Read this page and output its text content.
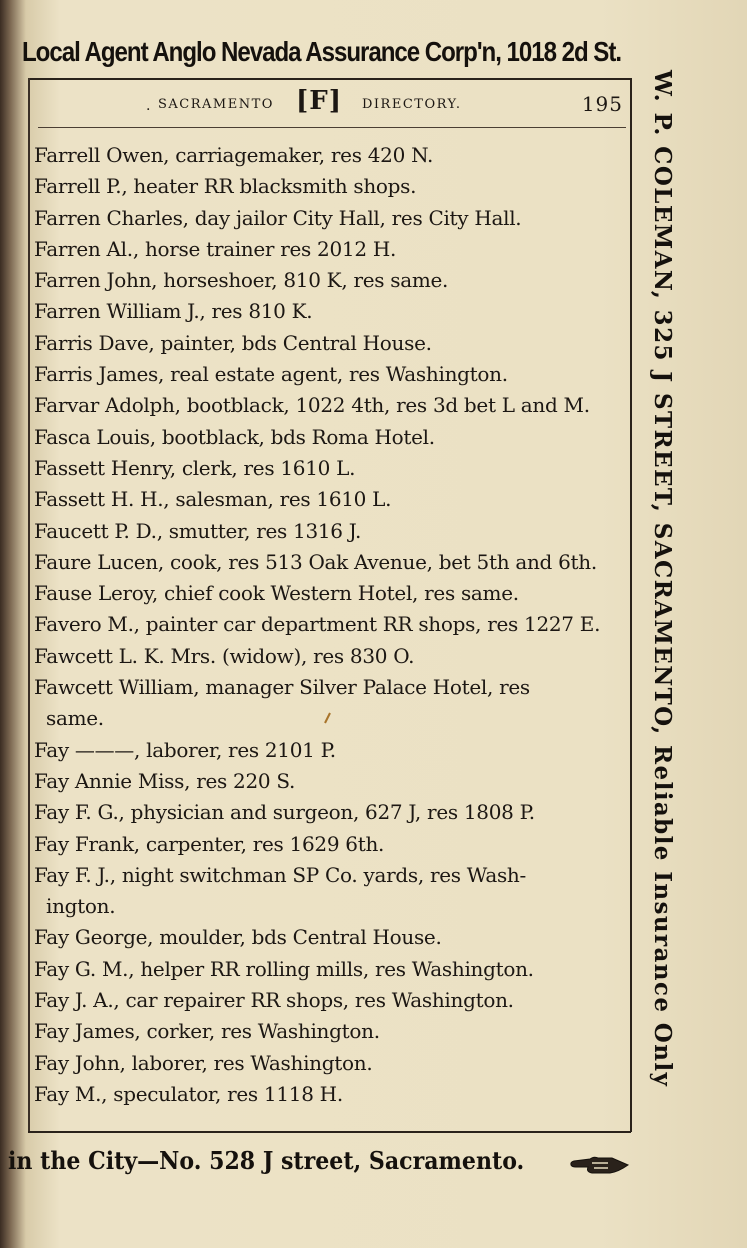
Local Agent Anglo Nevada Assurance Corp'n, 1018 2d St.
. SACRAMENTO [F] DIRECTORY.	195
Farrell Owen, carriagemaker, res 420 N.
Farrell P., heater RR blacksmith shops.
Farren Charles, day jailor City Hall, res City Hall.
Farren Al., horse trainer res 2012 H.
Farren John, horseshoer, 810 K, res same.
Farren William J., res 810 K.
Farris Dave, painter, bds Central House.
Farris James, real estate agent, res Washington.
Farvar Adolph, bootblack, 1022 4th, res 3d bet L and M.
Fasca Louis, bootblack, bds Roma Hotel.
Fassett Henry, clerk, res 1610 L.
Fassett H. H., salesman, res 1610 L.
Faucett P. D., smutter, res 1316 J.
Faure Lucen, cook, res 513 Oak Avenue, bet 5th and 6th.
Fause Leroy, chief cook Western Hotel, res same.
Favero M., painter car department RR shops, res 1227 E.
Fawcett L. K. Mrs. (widow), res 830 O.
Fawcett William, manager Silver Palace Hotel, res
same.
Fay ———, laborer, res 2101 P.
Fay Annie Miss, res 220 S.
Fay F. G., physician and surgeon, 627 J, res 1808 P.
Fay Frank, carpenter, res 1629 6th.
Fay F. J., night switchman SP Co. yards, res Wash-
ington.
Fay George, moulder, bds Central House.
Fay G. M., helper RR rolling mills, res Washington.
Fay J. A., car repairer RR shops, res Washington.
Fay James, corker, res Washington.
Fay John, laborer, res Washington.
Fay M., speculator, res 1118 H.
W. P. COLEMAN, 325 J STREET, SACRAMENTO, Reliable Insurance Only
in the City—No. 528 J street, Sacramento.
